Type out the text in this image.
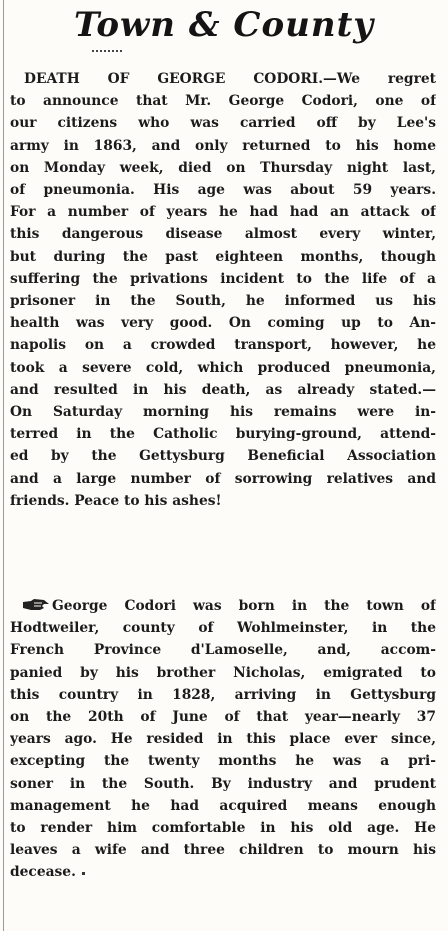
Town & County
DEATH OF GEORGE CODORI.—We regret
to announce that Mr. George Codori, one of
our citizens who was carried off by Lee's
army in 1863, and only returned to his home
on Monday week, died on Thursday night last,
of pneumonia. His age was about 59 years.
For a number of years he had had an attack of
this dangerous disease almost every winter,
but during the past eighteen months, though
suffering the privations incident to the life of a
prisoner in the South, he informed us his
health was very good. On coming up to An-
napolis on a crowded transport, however, he
took a severe cold, which produced pneumonia,
and resulted in his death, as already stated.—
On Saturday morning his remains were in-
terred in the Catholic burying-ground, attend-
ed by the Gettysburg Beneficial Association
and a large number of sorrowing relatives and
friends. Peace to his ashes!
George Codori was born in the town of
Hodtweiler, county of Wohlmeinster, in the
French Province d'Lamoselle, and, accom-
panied by his brother Nicholas, emigrated to
this country in 1828, arriving in Gettysburg
on the 20th of June of that year—nearly 37
years ago. He resided in this place ever since,
excepting the twenty months he was a pri-
soner in the South. By industry and prudent
management he had acquired means enough
to render him comfortable in his old age. He
leaves a wife and three children to mourn his
decease.
